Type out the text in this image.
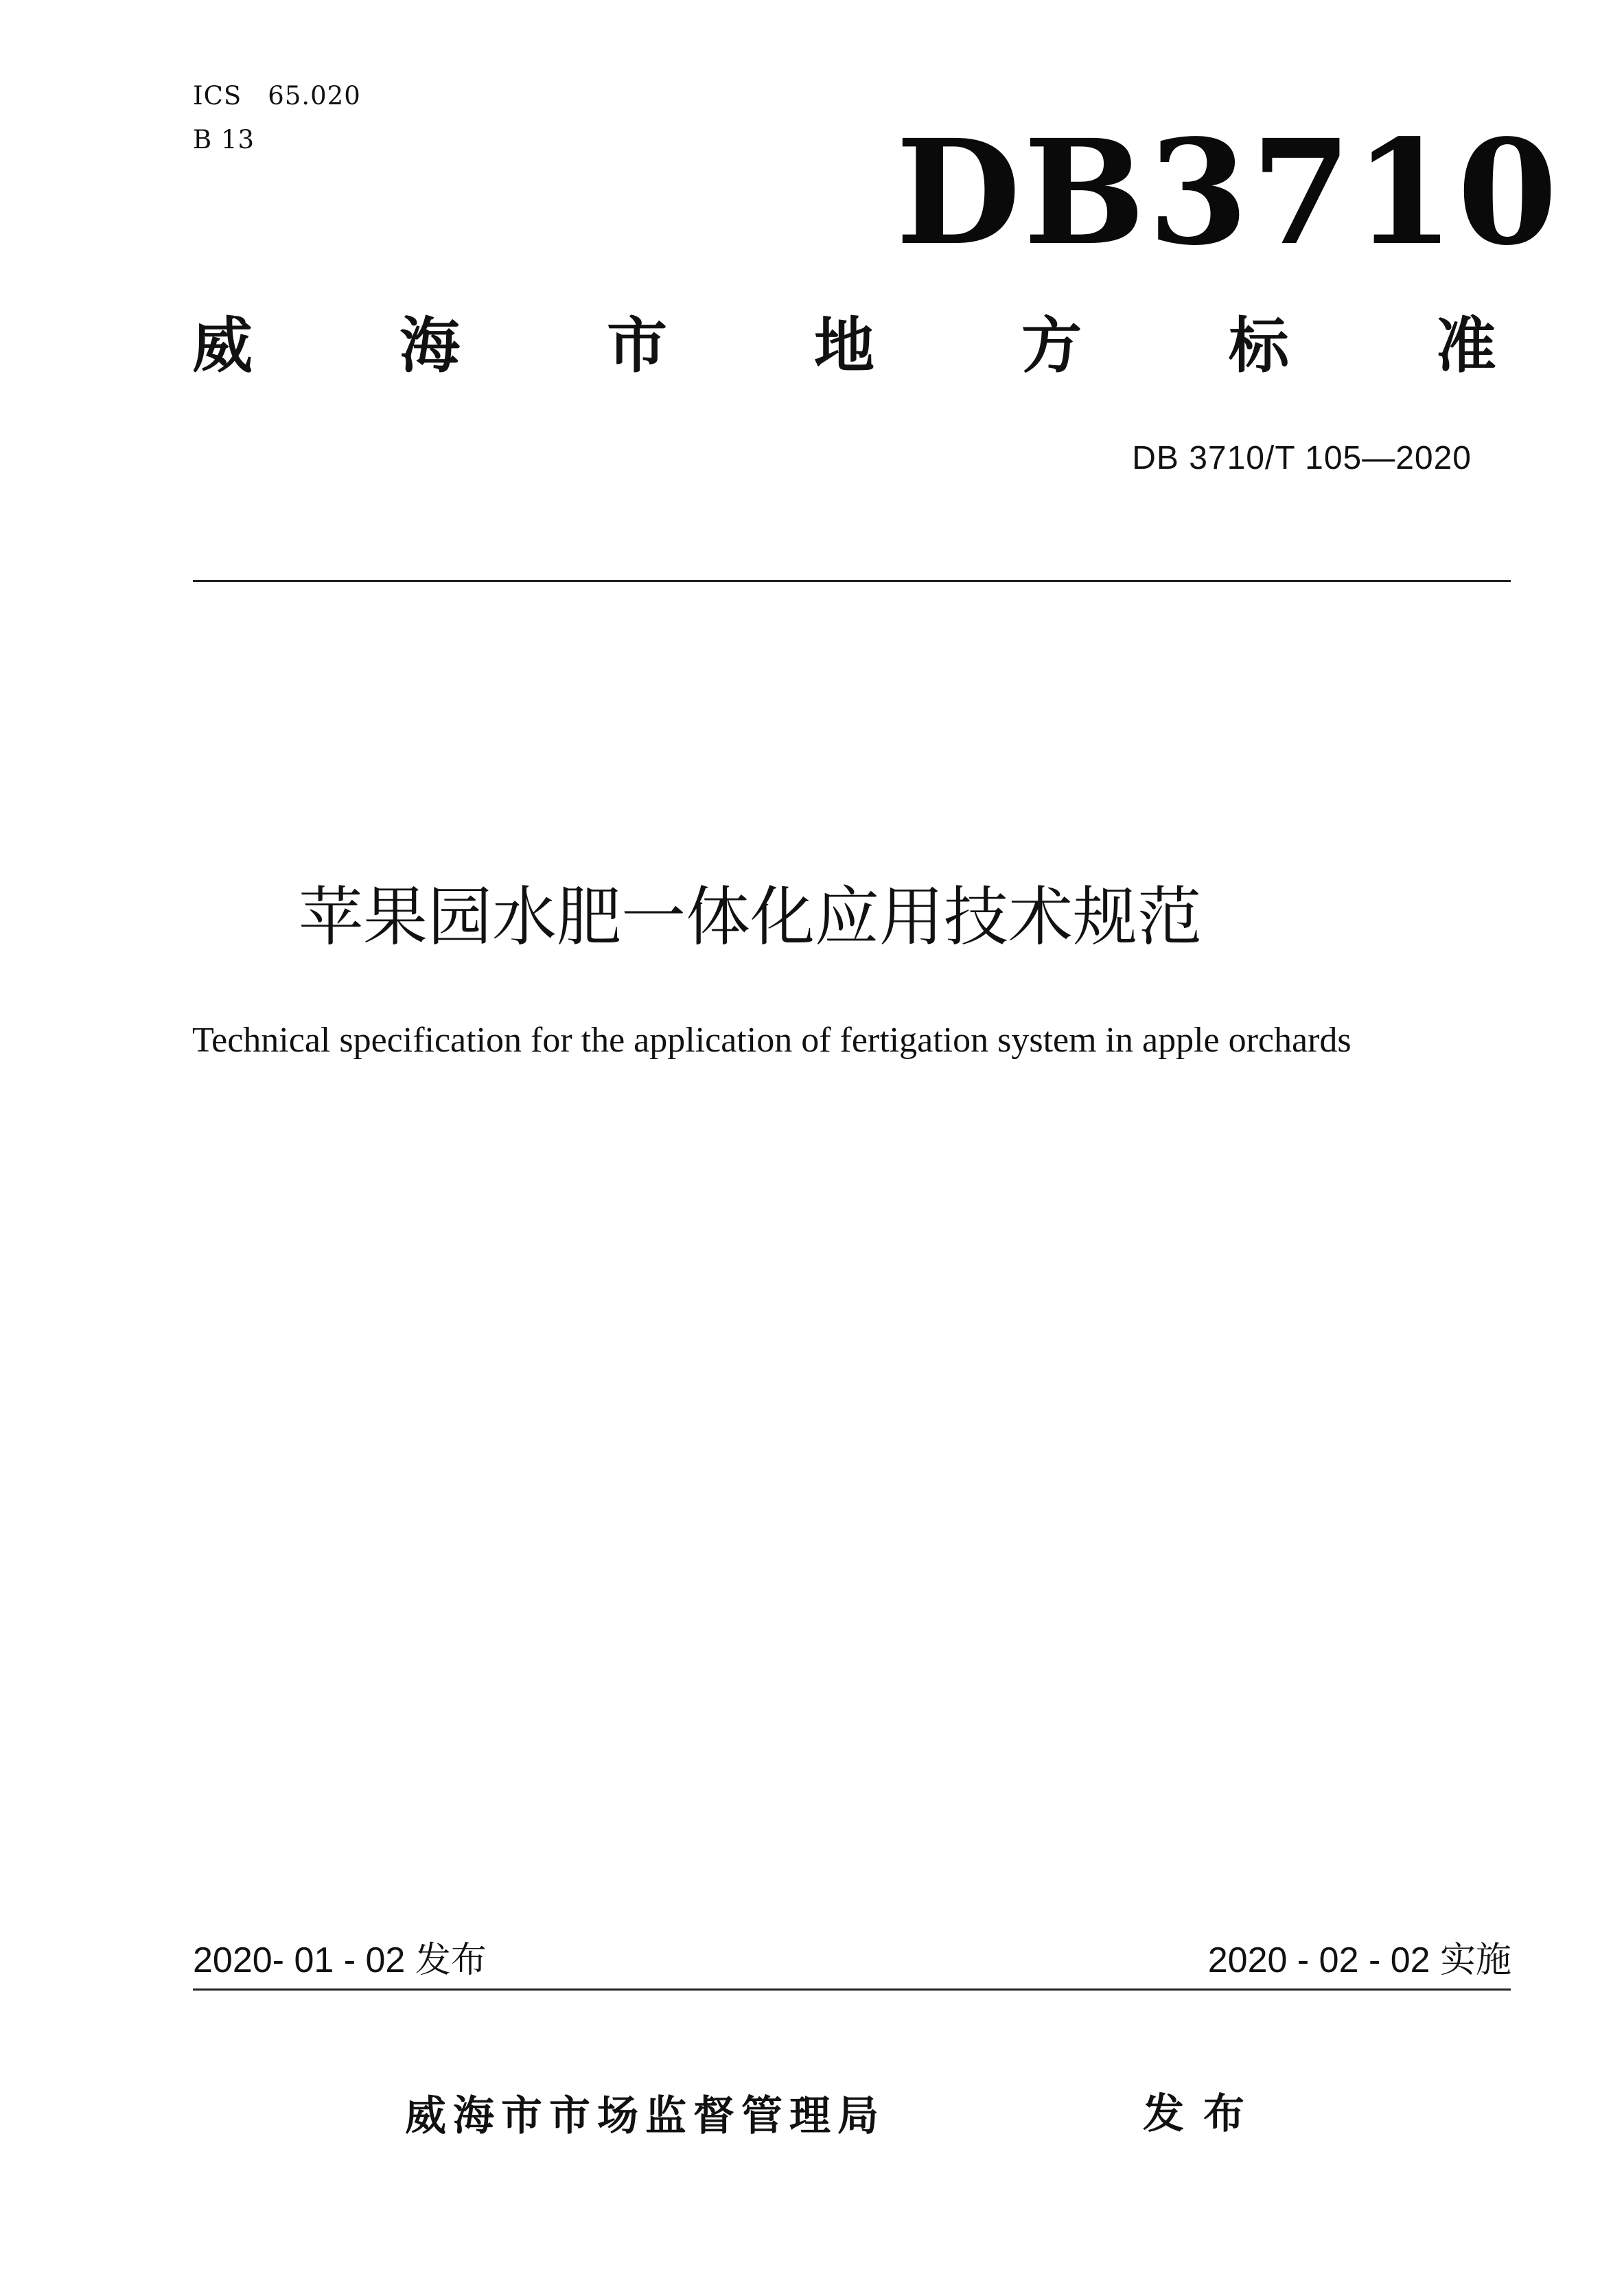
ICS 65.020
B 13	DB3710
威 海 市 地 方 标 准
DB 3710/T 105—2020
苹果园水肥一体化应用技术规范
Technical specification for the application of fertigation system in apple orchards
2020- 01 - 02 发布	2020 - 02 - 02 实施
威海市市场监督管理局	发布
